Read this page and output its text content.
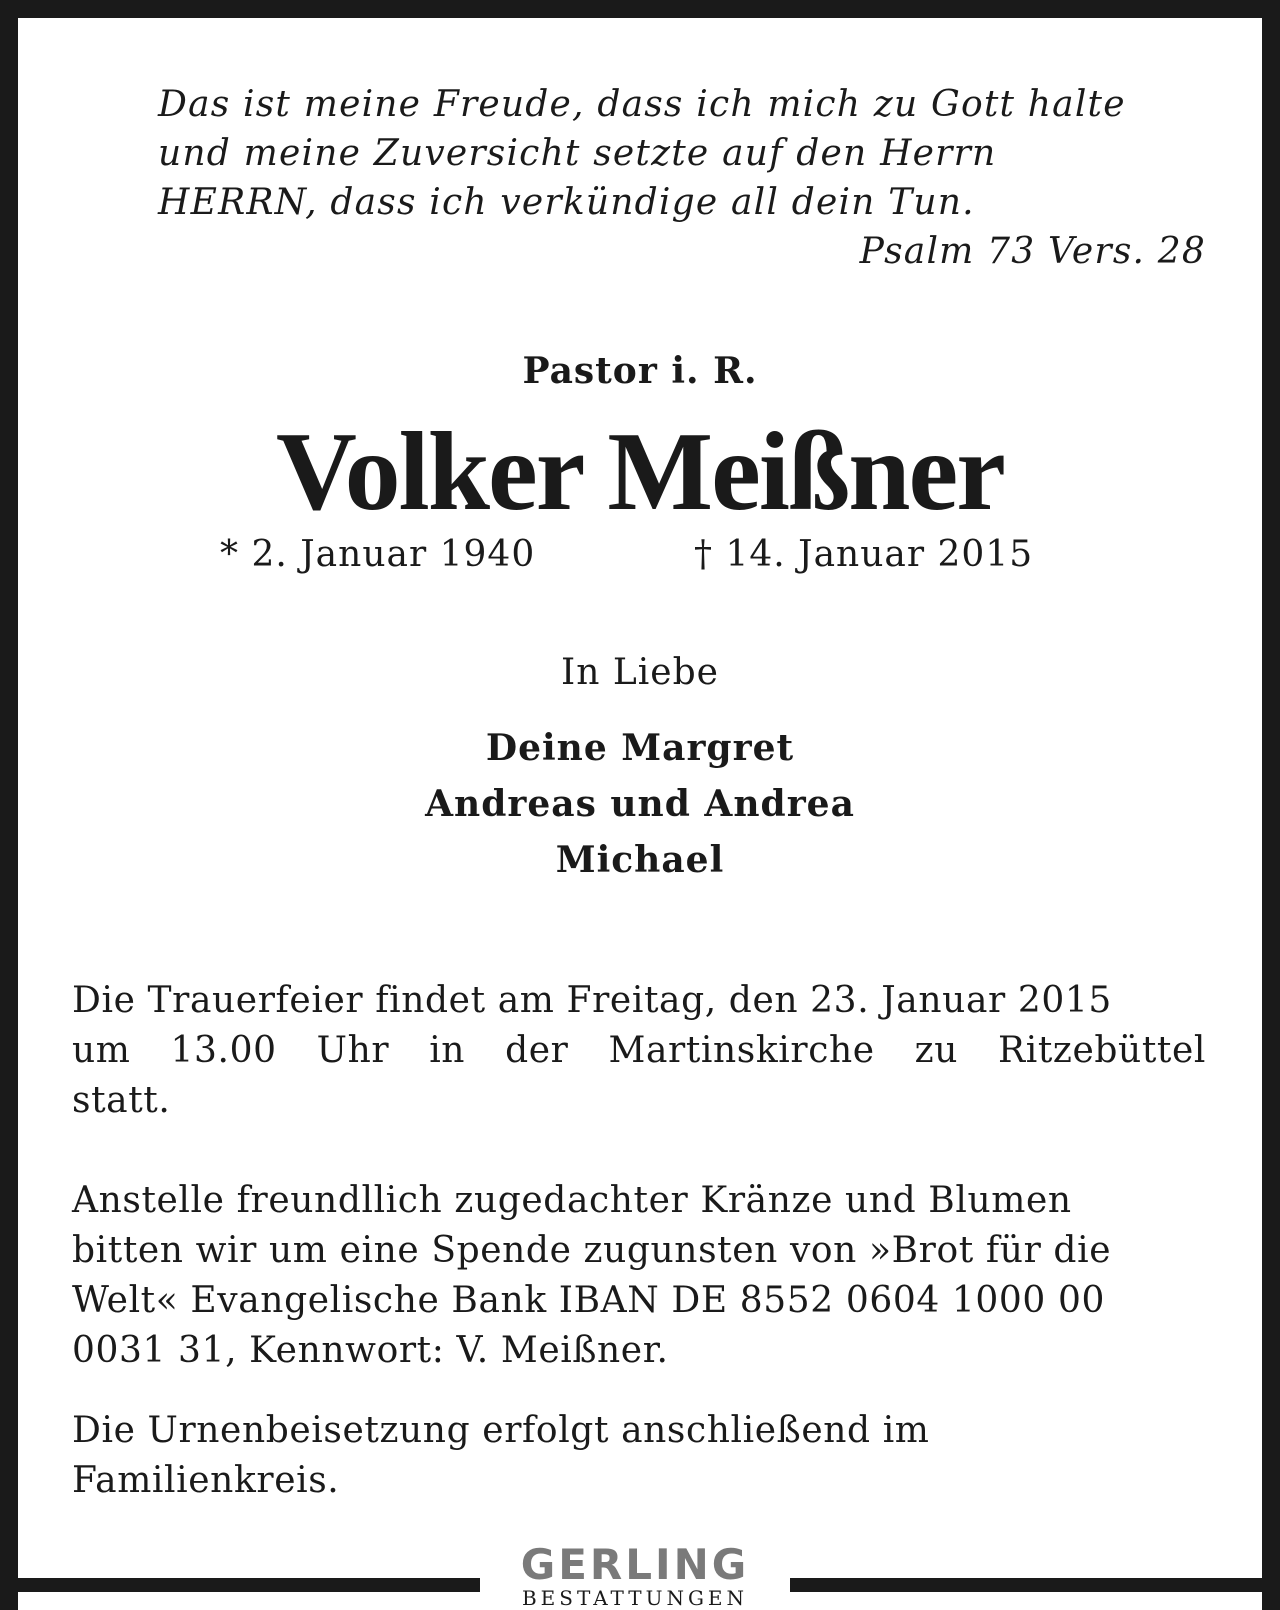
Das ist meine Freude, dass ich mich zu Gott halte
und meine Zuversicht setzte auf den Herrn
HERRN, dass ich verkündige all dein Tun.
Psalm 73 Vers. 28
Pastor i. R.
Volker Meißner
* 2. Januar 1940	† 14. Januar 2015
In Liebe
Deine Margret
Andreas und Andrea
Michael
Die Trauerfeier findet am Freitag, den 23. Januar 2015
um 13.00 Uhr in der Martinskirche zu Ritzebüttel
statt.
Anstelle freundllich zugedachter Kränze und Blumen
bitten wir um eine Spende zugunsten von »Brot für die
Welt« Evangelische Bank IBAN DE 8552 0604 1000 00
0031 31, Kennwort: V. Meißner.
Die Urnenbeisetzung erfolgt anschließend im
Familienkreis.
GERLING
BESTATTUNGEN
